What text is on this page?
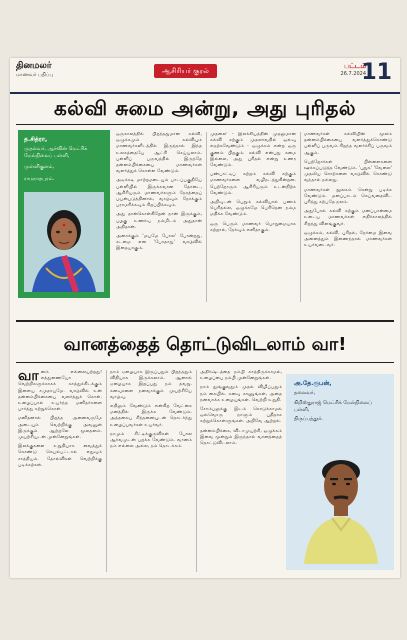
தினமலர்
மாணவர் பதிப்பு	ஆசிரியர் குரல்
பட்டம்
26.7.2024
11
கல்வி சுமை அன்று, அது புரிதல்
த.சித்ரா,
முதல்வர், ஆர்வின் மெட்ரிக் மேல்நிலைப் பள்ளி,
முள்ளிகுளம்,
ராமநாதபுரம்.

ஒருகாலத்தில் பிறந்ததுமான கல்வி, ஒழுக்கமும் கல்வியும் மாணவர்களிடத்தில் இருந்தால் இந்த உலகத்தையே ஆட்சி செய்யலாம். பள்ளிப் பருவத்தில் இருந்தே தன்னம்பிக்கையை மாணவர்கள் வளர்த்துக் கொள்ள வேண்டும்.

அடிக்கடி மாற்றமடையும் பாடப்பகுதியே பள்ளியில் இருக்கவான தோடை, ஆசிரியரும் மாணவர்களும் நேரத்தைப் பயன்படுத்தினால், வாழ்வும் நோக்கும் பராமரிக்கவும் சிறப்பிக்கவும்.

அது தான்கொள்கிறேன் நான் இருக்கும், பழகு உணர்வு நம்மிடம் அதுதான் அதிதான்.

அசைக்கும் 'மயமே போல' போன்றது, கடமை என 'போதாது' வாழ்வில் இதையாகும்.

முதலை' - இலக்கியத்தின் முதலுமான கல்வி கற்கும் முதலாவதில் ஒவ்வு எதற்கவேண்டும் - ஒழுக்கம் என்ற ஒரு குணம் பிறகும். கல்வி என்பது சுமை இல்லை, அது புரிதல் என்று உணர வேண்டும்.

பண்பாட்டிப் சுற்றம் கல்வி கற்கும் மாணவர்களை வழிநடத்துகின்றன. பெற்றோரும் ஆசிரியரும் உடன்நிற்க வேண்டும்.

அறிவுடன் பெறும் கல்வியால் பணம் பெரிதல்ல, ஒழுக்கமே பெரிதென நம்ம மதிக்க வேண்டும்.

ஒரு பெரும் மாணவர் பொறுமையாக கற்றால், தேர்வும் எளிதாகும்.

மாணவர்கள் கல்வியின் மூலம் தன்னம்பிக்கையை வளர்த்துக்கொண்டு பள்ளிப் பருவம் சிறந்த வளர்ச்சிப் பருவம் ஆகும்.

பெற்றோர்கள் பிள்ளைகளை ஊக்கப்படுத்த வேண்டும். 'புதுசு' 'வேலை' முதலிய சொற்களை வாழ்வில் கொண்டு வந்தால் நல்லது.

மாணவர்கள் நூலகம் சென்று படிக்க வேண்டும். மனப்பாடம் செய்வதைவிட புரிந்து கற்பதே நலம்.

அதுபோல் கல்வி கற்கும் மனப்பான்மை உடைய மாணவர்கள் எதிர்காலத்தில் சிறந்து விளங்குவர்.

ஒழுக்கம், கல்வி, புரிதல், நேர்மை இவை அனைத்தும் இணைந்தால் மாணவர்கள் உயர்வடைவர்.

வானத்தைத் தொட்டுவிடலாம் வா!

வானம் எல்லையற்றது! எத்துணையோ வெற்றிகளுக்காகக் காத்துக்கிடக்கும் இளைய சமுதாயமே. வாழ்வில் உன் தன்னம்பிக்கையை வளர்த்துக் கொள். உழைப்பால் உயர்ந்த மனிதர்களை பார்த்து கற்றுக்கொள்.

மனிதனால் பிறந்த அனைவருமே அடையும் வெற்றிக்கு அவனுள் இருக்கும் ஆற்றலே மூலதனம். முயற்சியுடன் முன்னேறுங்கள்.

இலக்குகளை உறுதியாக வைத்துக் கொண்டு செயல்பட்டால் எதுவும் சாத்தியம். தோல்விகள் வெற்றிக்கு படிக்கற்கள்.

நாம் ஏழையாக இருப்பதும் பிறந்ததும் விதியாக இருக்கலாம். ஆனால் ஏழையாக இறப்பது நம் தவறு. கனவுகளை நனவாக்கும் முயற்சியே வாழ்வு.

எதிலும் வேண்டும் என்கிற வேட்கை மனத்தில் இருக்க வேண்டும். அத்தகைய சிந்தனையுடன் தொடர்ந்து உழைப்பவர்கள் உயர்வர்.

நாமும் சிட்டிக்குருவிகள் போல ஆர்வமுடன் பறக்க வேண்டும். வானம் நம் எல்லை அல்ல, நம் தொடக்கம்.

அதிர்ஷ்டத்தை நம்பி காத்திருக்காமல், உழைப்பை நம்பி முன்னேறுங்கள்.

நாம் தூங்குவதும் முதல் விழிப்பதும் நம் கையில். கனவு காணுங்கள், அதை நனவாக்க உழையுங்கள். வெற்றி உறுதி.

சோம்பலுக்கு இடம் கொடுக்காமல் ஒவ்வொரு நாளும் புதிதாக கற்றுக்கொள்ளுங்கள். அறிவே ஆற்றல்.

தன்னம்பிக்கை, விடாமுயற்சி, ஒழுக்கம் இவை மூன்றும் இருந்தால் வானத்தைத் தொட்டுவிடலாம்.

அ.தே.ரூபன்,
தலைவர்,
கிறிஸ்துராஜ் மெட்ரிக் மேல்நிலைப் பள்ளி,
திருப்பத்தூர்.
